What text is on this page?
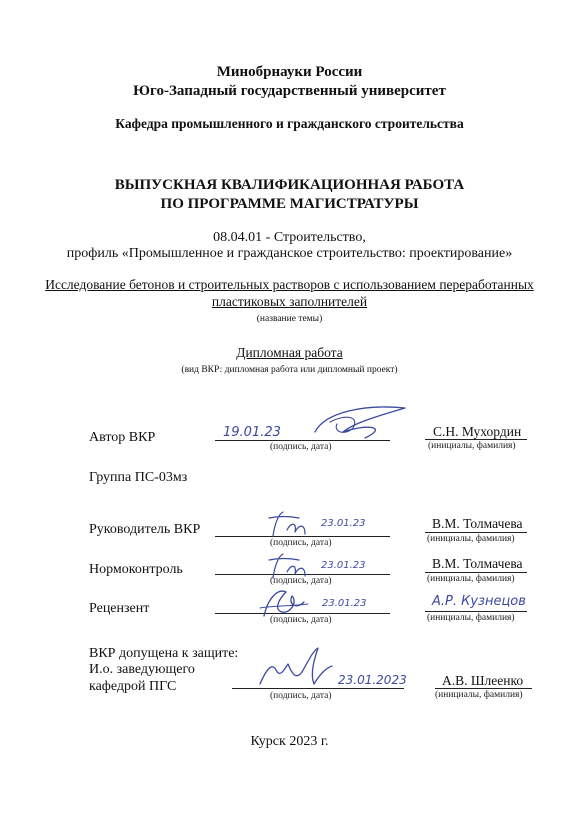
Минобрнауки России
Юго-Западный государственный университет
Кафедра промышленного и гражданского строительства
ВЫПУСКНАЯ КВАЛИФИКАЦИОННАЯ РАБОТА
ПО ПРОГРАММЕ МАГИСТРАТУРЫ
08.04.01 - Строительство,
профиль «Промышленное и гражданское строительство: проектирование»
Исследование бетонов и строительных растворов с использованием переработанных
пластиковых заполнителей
(название темы)
Дипломная работа
(вид ВКР: дипломная работа или дипломный проект)
Автор ВКР	19.01.23
(подпись, дата)
С.Н. Мухордин
(инициалы, фамилия)
Группа ПС-03мз
Руководитель ВКР	23.01.23
(подпись, дата)
В.М. Толмачева
(инициалы, фамилия)
Нормоконтроль	23.01.23
(подпись, дата)
В.М. Толмачева
(инициалы, фамилия)
Рецензент	23.01.23
(подпись, дата)
А.Р. Кузнецов
(инициалы, фамилия)
ВКР допущена к защите:
И.о. заведующего
кафедрой ПГС	23.01.2023
(подпись, дата)
А.В. Шлеенко
(инициалы, фамилия)
Курск 2023 г.
